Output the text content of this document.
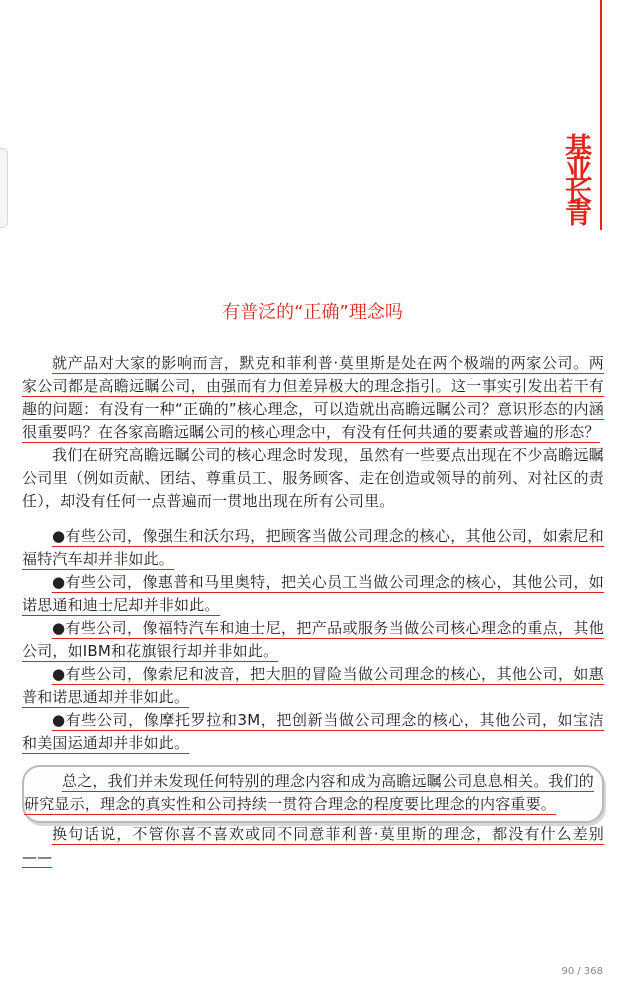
基
业
长
青
有普泛的“正确”理念吗

就产品对大家的影响而言，默克和菲利普·莫里斯是处在两个极端的两家公司。两家公司都是高瞻远瞩公司，由强而有力但差异极大的理念指引。这一事实引发出若干有趣的问题：有没有一种“正确的”核心理念，可以造就出高瞻远瞩公司？意识形态的内涵很重要吗？在各家高瞻远瞩公司的核心理念中，有没有任何共通的要素或普遍的形态？

我们在研究高瞻远瞩公司的核心理念时发现，虽然有一些要点出现在不少高瞻远瞩公司里（例如贡献、团结、尊重员工、服务顾客、走在创造或领导的前列、对社区的责任），却没有任何一点普遍而一贯地出现在所有公司里。

●有些公司，像强生和沃尔玛，把顾客当做公司理念的核心，其他公司，如索尼和福特汽车却并非如此。

●有些公司，像惠普和马里奥特，把关心员工当做公司理念的核心，其他公司，如诺思通和迪士尼却并非如此。

●有些公司，像福特汽车和迪士尼，把产品或服务当做公司核心理念的重点，其他公司，如IBM和花旗银行却并非如此。

●有些公司，像索尼和波音，把大胆的冒险当做公司理念的核心，其他公司，如惠普和诺思通却并非如此。

●有些公司，像摩托罗拉和3M，把创新当做公司理念的核心，其他公司，如宝洁和美国运通却并非如此。

总之，我们并未发现任何特别的理念内容和成为高瞻远瞩公司息息相关。我们的研究显示，理念的真实性和公司持续一贯符合理念的程度要比理念的内容重要。

换句话说，不管你喜不喜欢或同不同意菲利普·莫里斯的理念，都没有什么差别——

90 / 368
